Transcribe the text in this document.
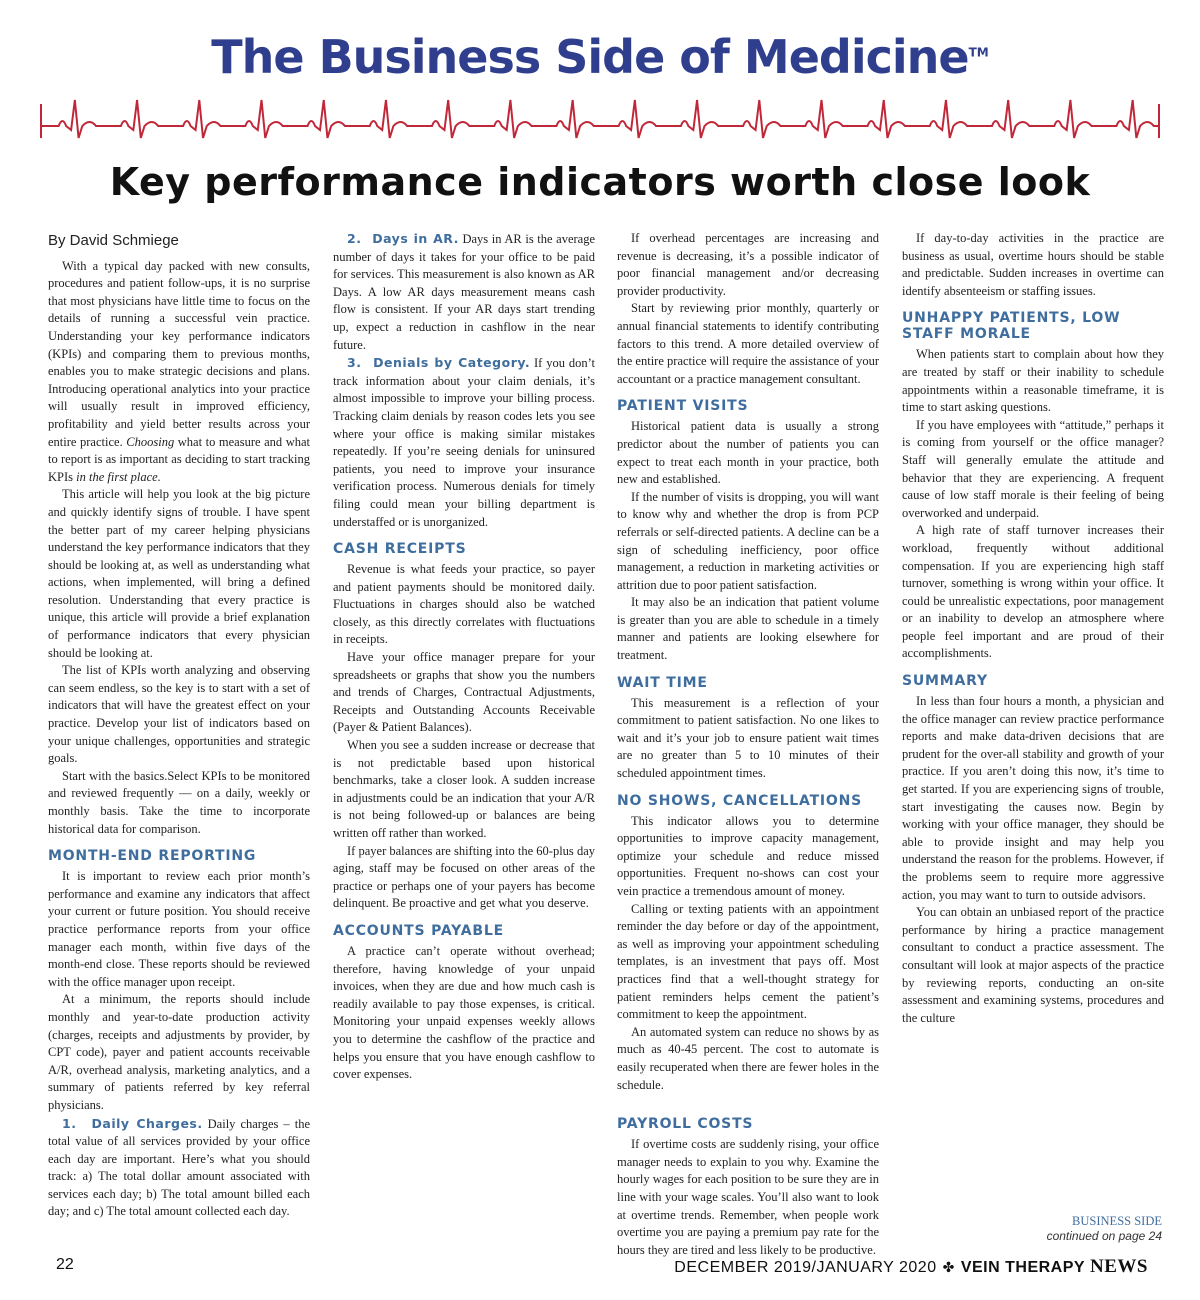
The Business Side of Medicine™
Key performance indicators worth close look
By David Schmiege

With a typical day packed with new consults, procedures and patient follow-ups, it is no surprise that most physicians have little time to focus on the details of running a successful vein practice. Understanding your key performance indicators (KPIs) and comparing them to previous months, enables you to make strategic decisions and plans. Introducing operational analytics into your practice will usually result in improved efficiency, profitability and yield better results across your entire practice. Choosing what to measure and what to report is as important as deciding to start tracking KPIs in the first place.

This article will help you look at the big picture and quickly identify signs of trouble. I have spent the better part of my career helping physicians understand the key performance indicators that they should be looking at, as well as understanding what actions, when implemented, will bring a defined resolution. Understanding that every practice is unique, this article will provide a brief explanation of performance indicators that every physician should be looking at.

The list of KPIs worth analyzing and observing can seem endless, so the key is to start with a set of indicators that will have the greatest effect on your practice. Develop your list of indicators based on your unique challenges, opportunities and strategic goals.

Start with the basics.Select KPIs to be monitored and reviewed frequently — on a daily, weekly or monthly basis. Take the time to incorporate historical data for comparison.

MONTH-END REPORTING

It is important to review each prior month’s performance and examine any indicators that affect your current or future position. You should receive practice performance reports from your office manager each month, within five days of the month-end close. These reports should be reviewed with the office manager upon receipt.

At a minimum, the reports should include monthly and year-to-date production activity (charges, receipts and adjustments by provider, by CPT code), payer and patient accounts receivable A/R, overhead analysis, marketing analytics, and a summary of patients referred by key referral physicians.

1. Daily Charges. Daily charges – the total value of all services provided by your office each day are important. Here’s what you should track: a) The total dollar amount associated with services each day; b) The total amount billed each day; and c) The total amount collected each day.

2. Days in AR. Days in AR is the average number of days it takes for your office to be paid for services. This measurement is also known as AR Days. A low AR days measurement means cash flow is consistent. If your AR days start trending up, expect a reduction in cashflow in the near future.

3. Denials by Category. If you don’t track information about your claim denials, it’s almost impossible to improve your billing process. Tracking claim denials by reason codes lets you see where your office is making similar mistakes repeatedly. If you’re seeing denials for uninsured patients, you need to improve your insurance verification process. Numerous denials for timely filing could mean your billing department is understaffed or is unorganized.

CASH RECEIPTS

Revenue is what feeds your practice, so payer and patient payments should be monitored daily. Fluctuations in charges should also be watched closely, as this directly correlates with fluctuations in receipts.

Have your office manager prepare for your spreadsheets or graphs that show you the numbers and trends of Charges, Contractual Adjustments, Receipts and Outstanding Accounts Receivable (Payer & Patient Balances).

When you see a sudden increase or decrease that is not predictable based upon historical benchmarks, take a closer look. A sudden increase in adjustments could be an indication that your A/R is not being followed-up or balances are being written off rather than worked.

If payer balances are shifting into the 60-plus day aging, staff may be focused on other areas of the practice or perhaps one of your payers has become delinquent. Be proactive and get what you deserve.

ACCOUNTS PAYABLE

A practice can’t operate without overhead; therefore, having knowledge of your unpaid invoices, when they are due and how much cash is readily available to pay those expenses, is critical. Monitoring your unpaid expenses weekly allows you to determine the cashflow of the practice and helps you ensure that you have enough cashflow to cover expenses.

If overhead percentages are increasing and revenue is decreasing, it’s a possible indicator of poor financial management and/or decreasing provider productivity.

Start by reviewing prior monthly, quarterly or annual financial statements to identify contributing factors to this trend. A more detailed overview of the entire practice will require the assistance of your accountant or a practice management consultant.

PATIENT VISITS

Historical patient data is usually a strong predictor about the number of patients you can expect to treat each month in your practice, both new and established.

If the number of visits is dropping, you will want to know why and whether the drop is from PCP referrals or self-directed patients. A decline can be a sign of scheduling inefficiency, poor office management, a reduction in marketing activities or attrition due to poor patient satisfaction.

It may also be an indication that patient volume is greater than you are able to schedule in a timely manner and patients are looking elsewhere for treatment.

WAIT TIME

This measurement is a reflection of your commitment to patient satisfaction. No one likes to wait and it’s your job to ensure patient wait times are no greater than 5 to 10 minutes of their scheduled appointment times.

NO SHOWS, CANCELLATIONS

This indicator allows you to determine opportunities to improve capacity management, optimize your schedule and reduce missed opportunities. Frequent no-shows can cost your vein practice a tremendous amount of money.

Calling or texting patients with an appointment reminder the day before or day of the appointment, as well as improving your appointment scheduling templates, is an investment that pays off. Most practices find that a well-thought strategy for patient reminders helps cement the patient’s commitment to keep the appointment.

An automated system can reduce no shows by as much as 40-45 percent. The cost to automate is easily recuperated when there are fewer holes in the schedule.

PAYROLL COSTS

If overtime costs are suddenly rising, your office manager needs to explain to you why. Examine the hourly wages for each position to be sure they are in line with your wage scales. You’ll also want to look at overtime trends. Remember, when people work overtime you are paying a premium pay rate for the hours they are tired and less likely to be productive.

If day-to-day activities in the practice are business as usual, overtime hours should be stable and predictable. Sudden increases in overtime can identify absenteeism or staffing issues.

UNHAPPY PATIENTS, LOW STAFF MORALE

When patients start to complain about how they are treated by staff or their inability to schedule appointments within a reasonable timeframe, it is time to start asking questions.

If you have employees with “attitude,” perhaps it is coming from yourself or the office manager? Staff will generally emulate the attitude and behavior that they are experiencing. A frequent cause of low staff morale is their feeling of being overworked and underpaid.

A high rate of staff turnover increases their workload, frequently without additional compensation. If you are experiencing high staff turnover, something is wrong within your office. It could be unrealistic expectations, poor management or an inability to develop an atmosphere where people feel important and are proud of their accomplishments.

SUMMARY

In less than four hours a month, a physician and the office manager can review practice performance reports and make data-driven decisions that are prudent for the over-all stability and growth of your practice. If you aren’t doing this now, it’s time to get started. If you are experiencing signs of trouble, start investigating the causes now. Begin by working with your office manager, they should be able to provide insight and may help you understand the reason for the problems. However, if the problems seem to require more aggressive action, you may want to turn to outside advisors.

You can obtain an unbiased report of the practice performance by hiring a practice management consultant to conduct a practice assessment. The consultant will look at major aspects of the practice by reviewing reports, conducting an on-site assessment and examining systems, procedures and the culture

BUSINESS SIDE
continued on page 24
22	DECEMBER 2019/JANUARY 2020 ✤ VEIN THERAPY NEWS
